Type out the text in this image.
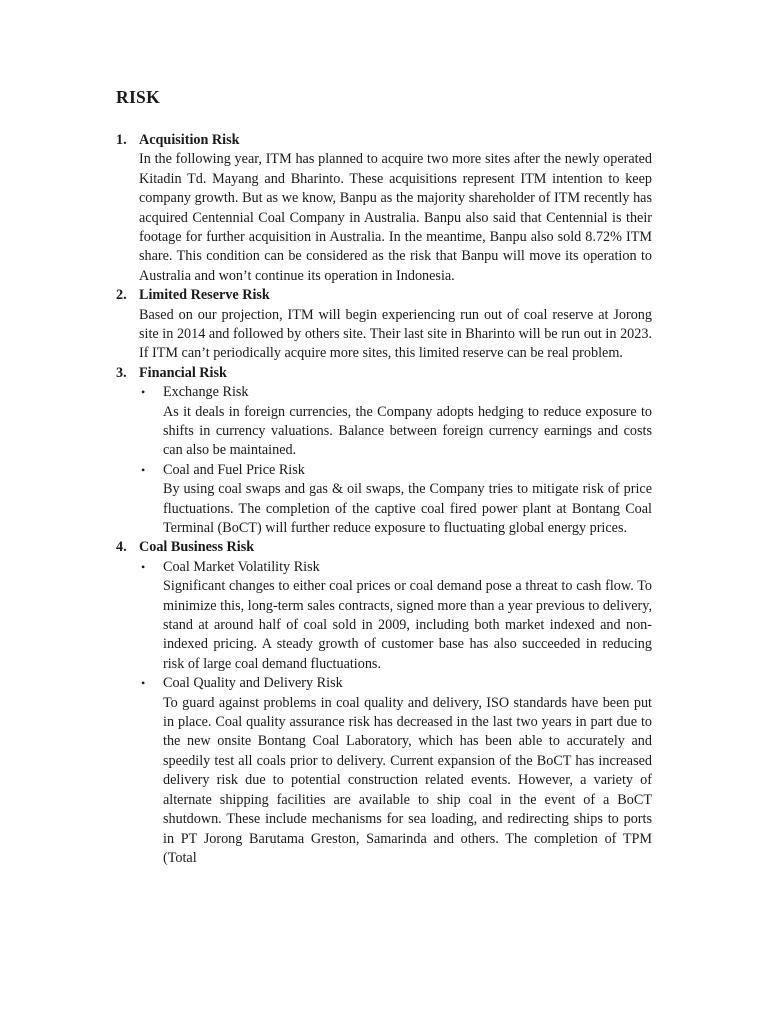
RISK
1. Acquisition Risk

In the following year, ITM has planned to acquire two more sites after the newly operated Kitadin Td. Mayang and Bharinto. These acquisitions represent ITM intention to keep company growth. But as we know, Banpu as the majority shareholder of ITM recently has acquired Centennial Coal Company in Australia. Banpu also said that Centennial is their footage for further acquisition in Australia. In the meantime, Banpu also sold 8.72% ITM share. This condition can be considered as the risk that Banpu will move its operation to Australia and won’t continue its operation in Indonesia.

2. Limited Reserve Risk

Based on our projection, ITM will begin experiencing run out of coal reserve at Jorong site in 2014 and followed by others site. Their last site in Bharinto will be run out in 2023. If ITM can’t periodically acquire more sites, this limited reserve can be real problem.

3. Financial Risk
• Exchange Risk

As it deals in foreign currencies, the Company adopts hedging to reduce exposure to shifts in currency valuations. Balance between foreign currency earnings and costs can also be maintained.

• Coal and Fuel Price Risk

By using coal swaps and gas & oil swaps, the Company tries to mitigate risk of price fluctuations. The completion of the captive coal fired power plant at Bontang Coal Terminal (BoCT) will further reduce exposure to fluctuating global energy prices.

4. Coal Business Risk
• Coal Market Volatility Risk

Significant changes to either coal prices or coal demand pose a threat to cash flow. To minimize this, long-term sales contracts, signed more than a year previous to delivery, stand at around half of coal sold in 2009, including both market indexed and non-indexed pricing. A steady growth of customer base has also succeeded in reducing risk of large coal demand fluctuations.

• Coal Quality and Delivery Risk

To guard against problems in coal quality and delivery, ISO standards have been put in place. Coal quality assurance risk has decreased in the last two years in part due to the new onsite Bontang Coal Laboratory, which has been able to accurately and speedily test all coals prior to delivery. Current expansion of the BoCT has increased delivery risk due to potential construction related events. However, a variety of alternate shipping facilities are available to ship coal in the event of a BoCT shutdown. These include mechanisms for sea loading, and redirecting ships to ports in PT Jorong Barutama Greston, Samarinda and others. The completion of TPM (Total
